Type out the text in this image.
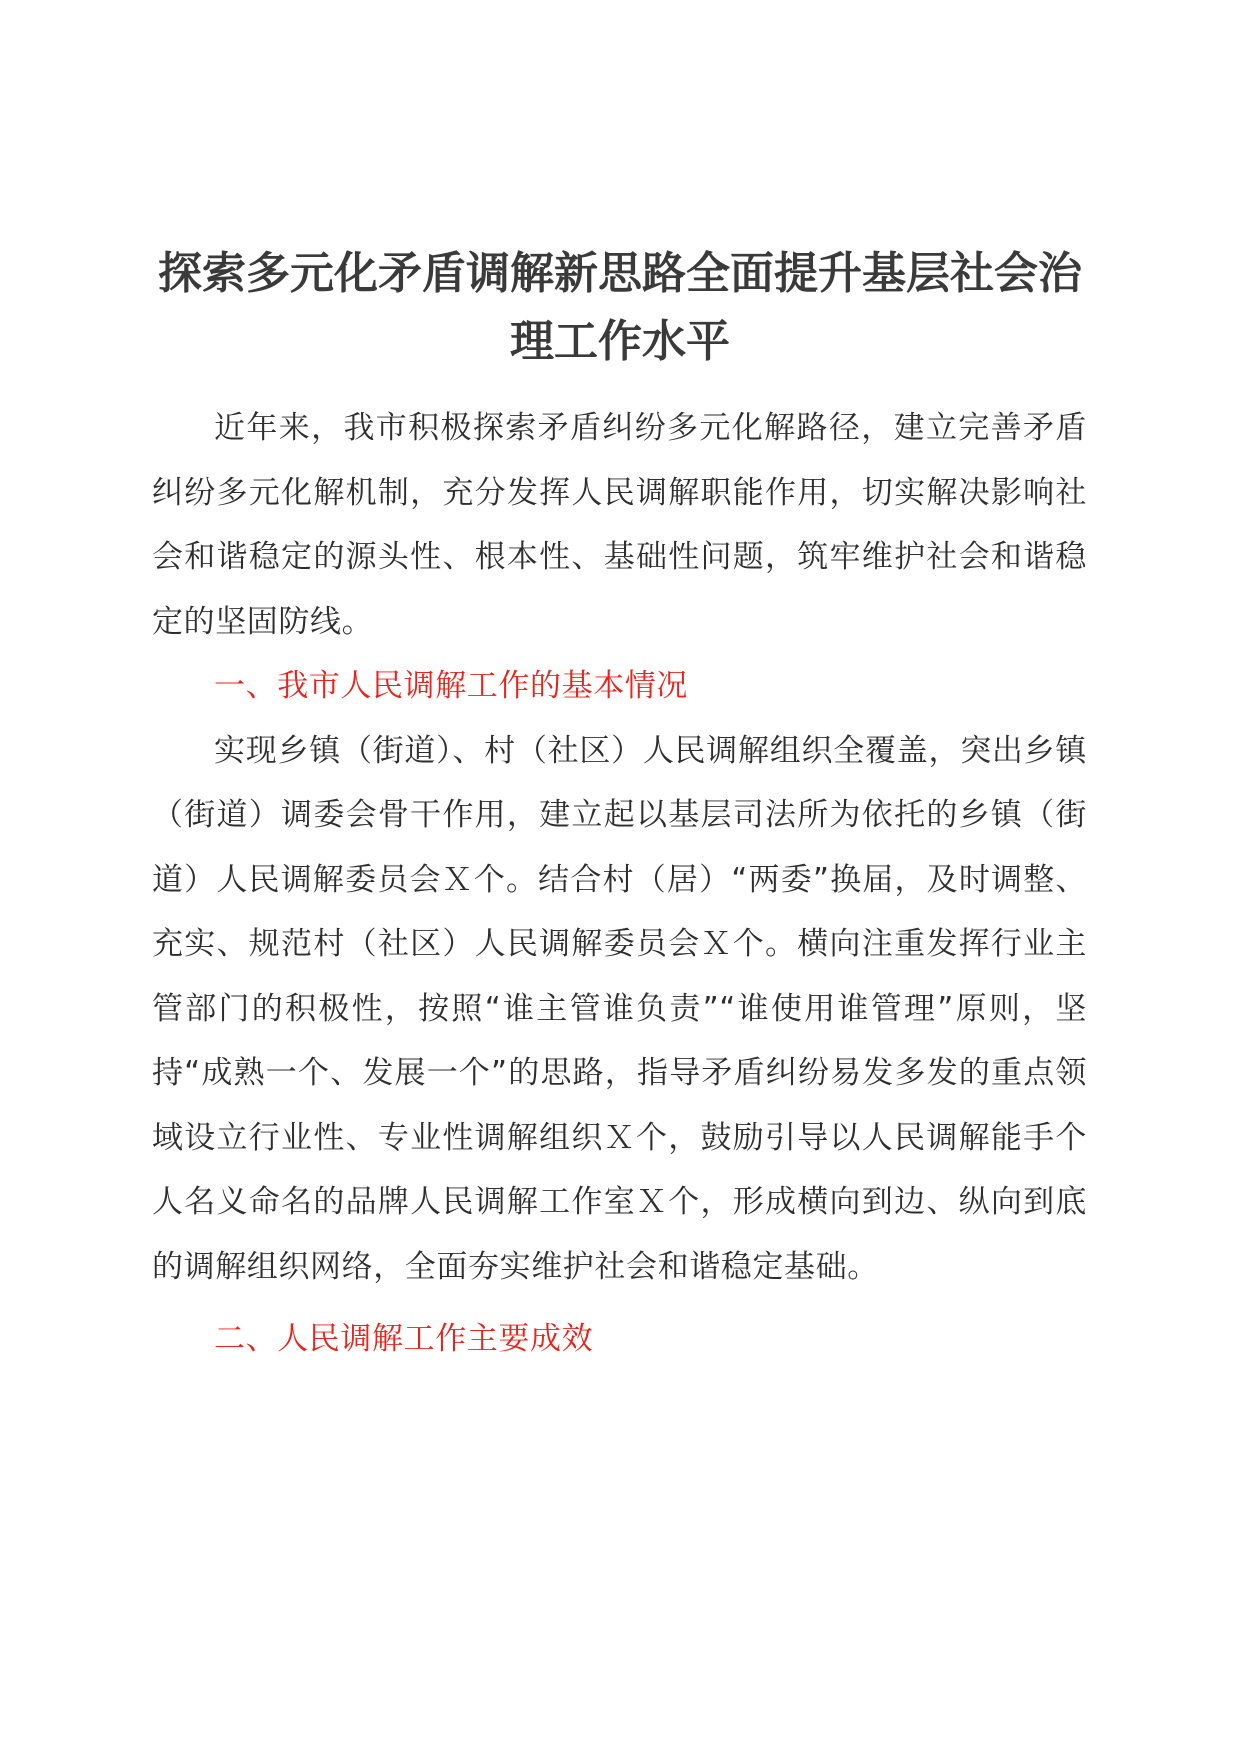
探索多元化矛盾调解新思路全面提升基层社会治理工作水平

近年来，我市积极探索矛盾纠纷多元化解路径，建立完善矛盾纠纷多元化解机制，充分发挥人民调解职能作用，切实解决影响社会和谐稳定的源头性、根本性、基础性问题，筑牢维护社会和谐稳定的坚固防线。

一、我市人民调解工作的基本情况

实现乡镇（街道）、村（社区）人民调解组织全覆盖，突出乡镇（街道）调委会骨干作用，建立起以基层司法所为依托的乡镇（街道）人民调解委员会Ｘ个。结合村（居）“两委”换届，及时调整、充实、规范村（社区）人民调解委员会Ｘ个。横向注重发挥行业主管部门的积极性，按照“谁主管谁负责”“谁使用谁管理”原则，坚持“成熟一个、发展一个”的思路，指导矛盾纠纷易发多发的重点领域设立行业性、专业性调解组织Ｘ个，鼓励引导以人民调解能手个人名义命名的品牌人民调解工作室Ｘ个，形成横向到边、纵向到底的调解组织网络，全面夯实维护社会和谐稳定基础。

二、人民调解工作主要成效
